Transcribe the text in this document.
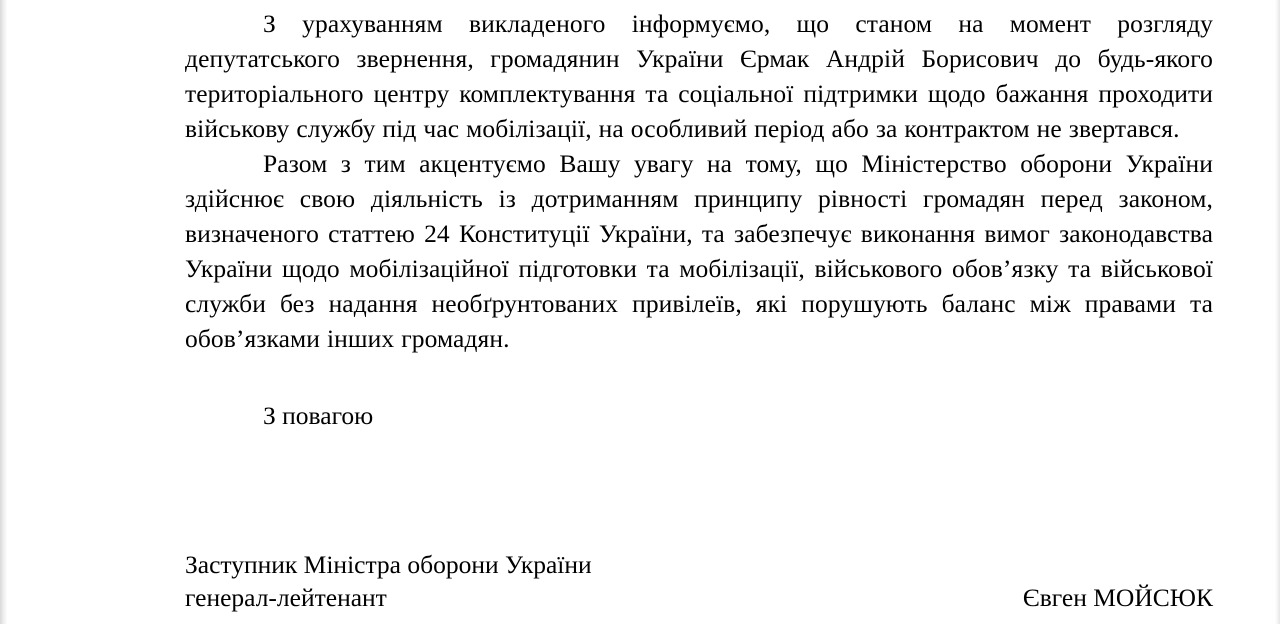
З урахуванням викладеного інформуємо, що станом на момент розгляду депутатського звернення, громадянин України Єрмак Андрій Борисович до будь-якого територіального центру комплектування та соціальної підтримки щодо бажання проходити військову службу під час мобілізації, на особливий період або за контрактом не звертався.

Разом з тим акцентуємо Вашу увагу на тому, що Міністерство оборони України здійснює свою діяльність із дотриманням принципу рівності громадян перед законом, визначеного статтею 24 Конституції України, та забезпечує виконання вимог законодавства України щодо мобілізаційної підготовки та мобілізації, військового обов’язку та військової служби без надання необґрунтованих привілеїв, які порушують баланс між правами та обов’язками інших громадян.

З повагою

Заступник Міністра оборони України
генерал-лейтенант	Євген МОЙСЮК
